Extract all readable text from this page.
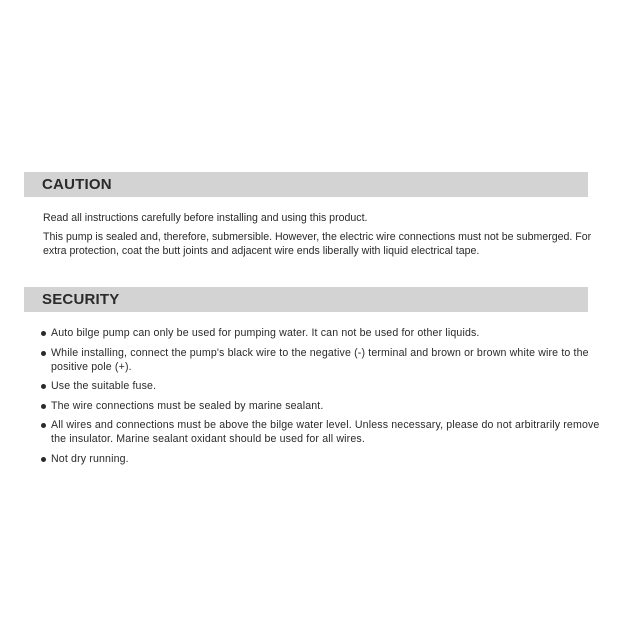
CAUTION

Read all instructions carefully before installing and using this product.

This pump is sealed and, therefore, submersible. However, the electric wire connections must not be submerged. For extra protection, coat the butt joints and adjacent wire ends liberally with liquid electrical tape.

SECURITY
Auto bilge pump can only be used for pumping water. It can not be used for other liquids.
While installing, connect the pump's black wire to the negative (-) terminal and brown or brown white wire to the positive pole (+).
Use the suitable fuse.
The wire connections must be sealed by marine sealant.
All wires and connections must be above the bilge water level. Unless necessary, please do not arbitrarily remove the insulator. Marine sealant oxidant should be used for all wires.
Not dry running.
